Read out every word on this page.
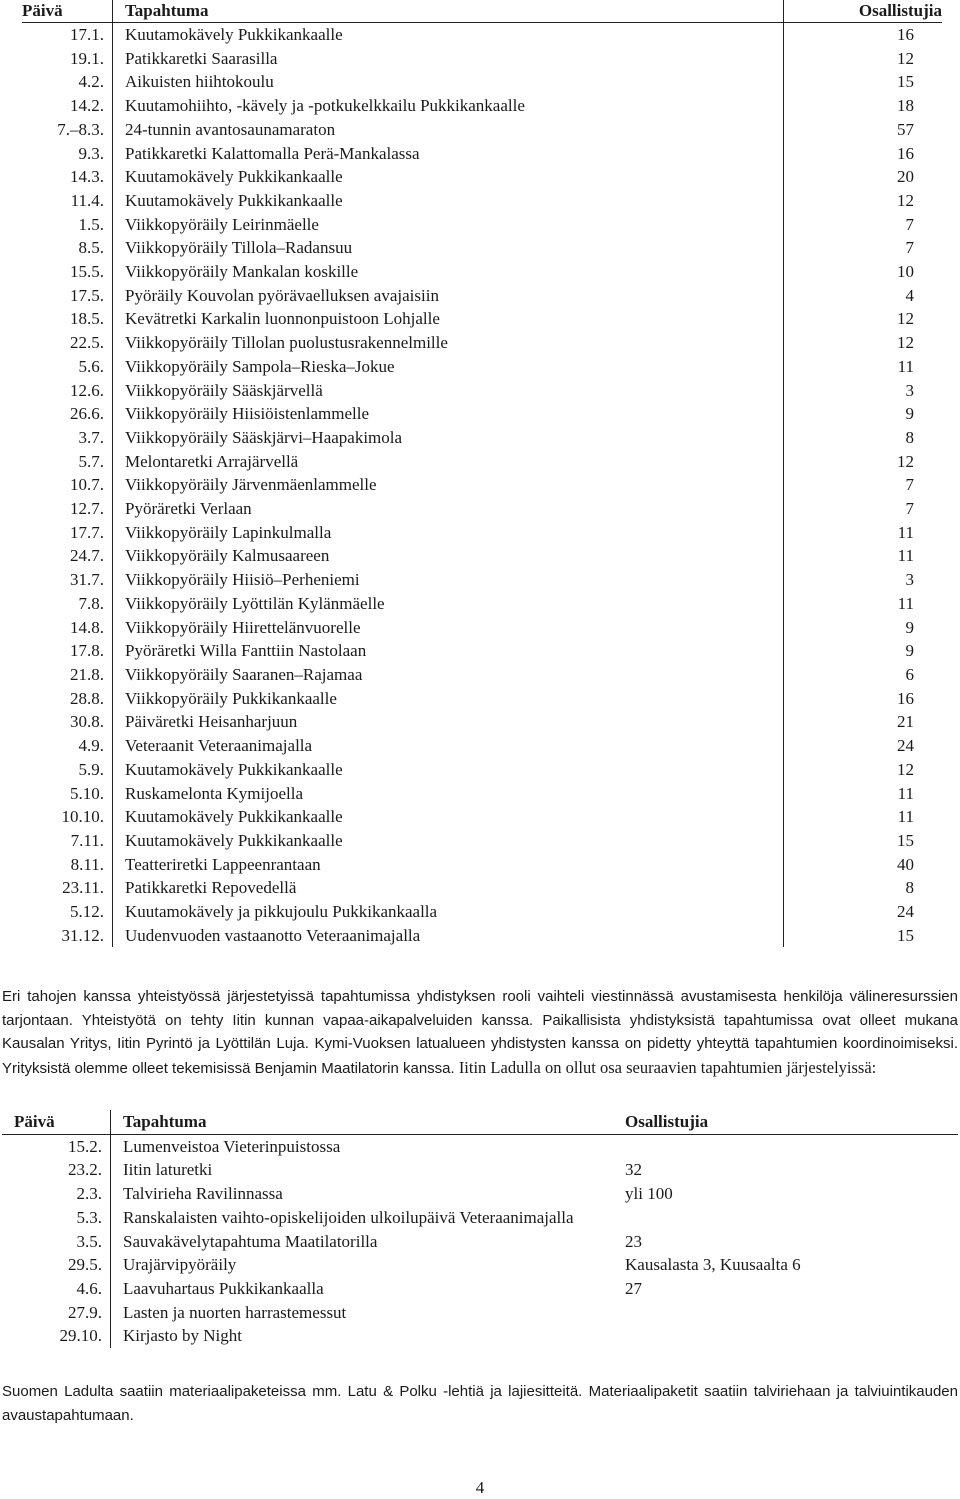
Päivä	Tapahtuma	Osallistujia
17.1.	Kuutamokävely Pukkikankaalle	16
19.1.	Patikkaretki Saarasilla	12
4.2.	Aikuisten hiihtokoulu	15
14.2.	Kuutamohiihto, -kävely ja -potkukelkkailu Pukkikankaalle	18
7.–8.3.	24-tunnin avantosaunamaraton	57
9.3.	Patikkaretki Kalattomalla Perä-Mankalassa	16
14.3.	Kuutamokävely Pukkikankaalle	20
11.4.	Kuutamokävely Pukkikankaalle	12
1.5.	Viikkopyöräily Leirinmäelle	7
8.5.	Viikkopyöräily Tillola–Radansuu	7
15.5.	Viikkopyöräily Mankalan koskille	10
17.5.	Pyöräily Kouvolan pyörävaelluksen avajaisiin	4
18.5.	Kevätretki Karkalin luonnonpuistoon Lohjalle	12
22.5.	Viikkopyöräily Tillolan puolustusrakennelmille	12
5.6.	Viikkopyöräily Sampola–Rieska–Jokue	11
12.6.	Viikkopyöräily Sääskjärvellä	3
26.6.	Viikkopyöräily Hiisiöistenlammelle	9
3.7.	Viikkopyöräily Sääskjärvi–Haapakimola	8
5.7.	Melontaretki Arrajärvellä	12
10.7.	Viikkopyöräily Järvenmäenlammelle	7
12.7.	Pyöräretki Verlaan	7
17.7.	Viikkopyöräily Lapinkulmalla	11
24.7.	Viikkopyöräily Kalmusaareen	11
31.7.	Viikkopyöräily Hiisiö–Perheniemi	3
7.8.	Viikkopyöräily Lyöttilän Kylänmäelle	11
14.8.	Viikkopyöräily Hiirettelänvuorelle	9
17.8.	Pyöräretki Willa Fanttiin Nastolaan	9
21.8.	Viikkopyöräily Saaranen–Rajamaa	6
28.8.	Viikkopyöräily Pukkikankaalle	16
30.8.	Päiväretki Heisanharjuun	21
4.9.	Veteraanit Veteraanimajalla	24
5.9.	Kuutamokävely Pukkikankaalle	12
5.10.	Ruskamelonta Kymijoella	11
10.10.	Kuutamokävely Pukkikankaalle	11
7.11.	Kuutamokävely Pukkikankaalle	15
8.11.	Teatteriretki Lappeenrantaan	40
23.11.	Patikkaretki Repovedellä	8
5.12.	Kuutamokävely ja pikkujoulu Pukkikankaalla	24
31.12.	Uudenvuoden vastaanotto Veteraanimajalla	15

Eri tahojen kanssa yhteistyössä järjestetyissä tapahtumissa yhdistyksen rooli vaihteli viestinnässä avustamisesta henkilöja välineresurssien tarjontaan. Yhteistyötä on tehty Iitin kunnan vapaa-aikapalveluiden kanssa. Paikallisista yhdistyksistä tapahtumissa ovat olleet mukana Kausalan Yritys, Iitin Pyrintö ja Lyöttilän Luja. Kymi-Vuoksen latualueen yhdistysten kanssa on pidetty yhteyttä tapahtumien koordinoimiseksi. Yrityksistä olemme olleet tekemisissä Benjamin Maatilatorin kanssa. Iitin Ladulla on ollut osa seuraavien tapahtumien järjestelyissä:

Päivä	Tapahtuma	Osallistujia
15.2.	Lumenveistoa Vieterinpuistossa	
23.2.	Iitin laturetki	32
2.3.	Talvirieha Ravilinnassa	yli 100
5.3.	Ranskalaisten vaihto-opiskelijoiden ulkoilupäivä Veteraanimajalla	
3.5.	Sauvakävelytapahtuma Maatilatorilla	23
29.5.	Urajärvipyöräily	Kausalasta 3, Kuusaalta 6
4.6.	Laavuhartaus Pukkikankaalla	27
27.9.	Lasten ja nuorten harrastemessut	
29.10.	Kirjasto by Night	

Suomen Ladulta saatiin materiaalipaketeissa mm. Latu & Polku -lehtiä ja lajiesitteitä. Materiaalipaketit saatiin talviriehaan ja talviuintikauden avaustapahtumaan.

4
